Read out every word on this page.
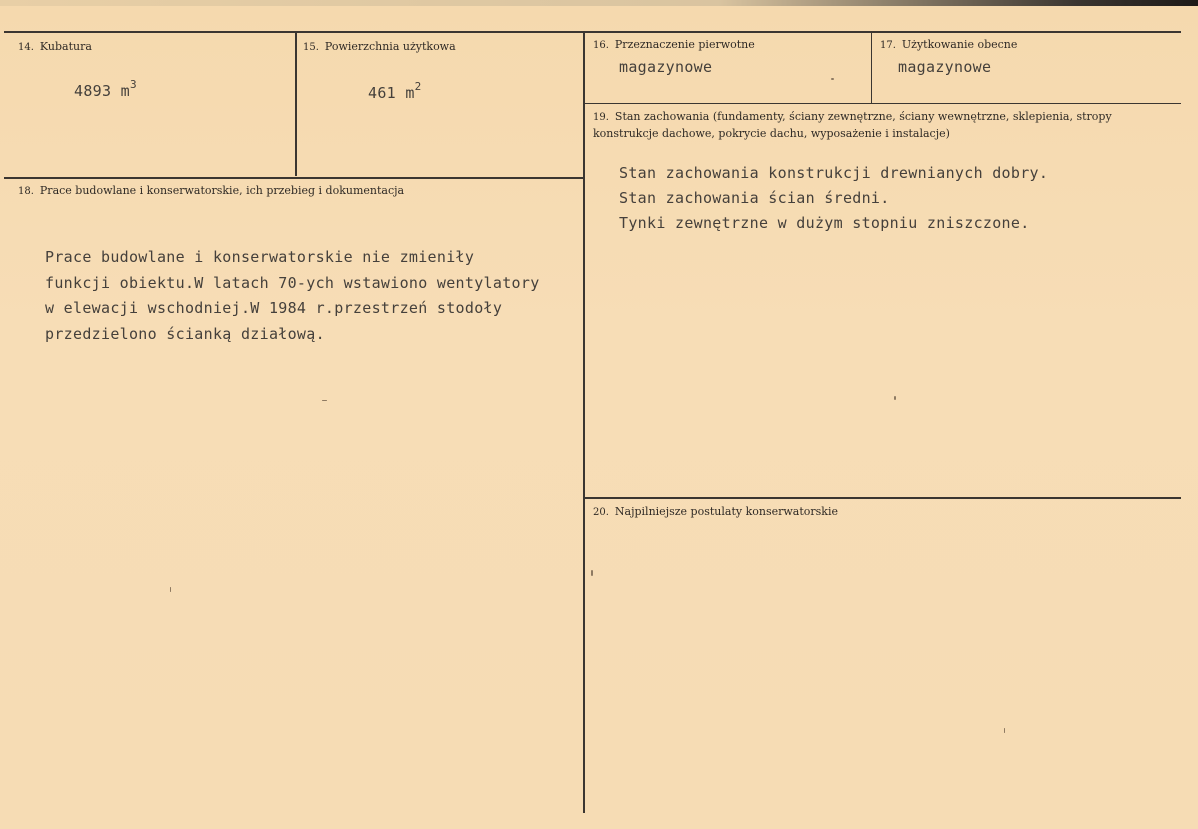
14. Kubatura
4893 $m^3$
15. Powierzchnia użytkowa
461 $m^2$
16. Przeznaczenie pierwotne
magazynowe
17. Użytkowanie obecne
magazynowe
18. Prace budowlane i konserwatorskie, ich przebieg i dokumentacja
Prace budowlane i konserwatorskie nie zmieniły
funkcji obiektu.W latach 70-ych wstawiono wentylatory
w elewacji wschodniej.W 1984 r.przestrzeń stodoły
przedzielono ścianką działową.
19. Stan zachowania (fundamenty, ściany zewnętrzne, ściany wewnętrzne, sklepienia, stropy konstrukcje dachowe, pokrycie dachu, wyposażenie i instalacje)
Stan zachowania konstrukcji drewnianych dobry.
Stan zachowania ścian średni.
Tynki zewnętrzne w dużym stopniu zniszczone.
20. Najpilniejsze postulaty konserwatorskie
